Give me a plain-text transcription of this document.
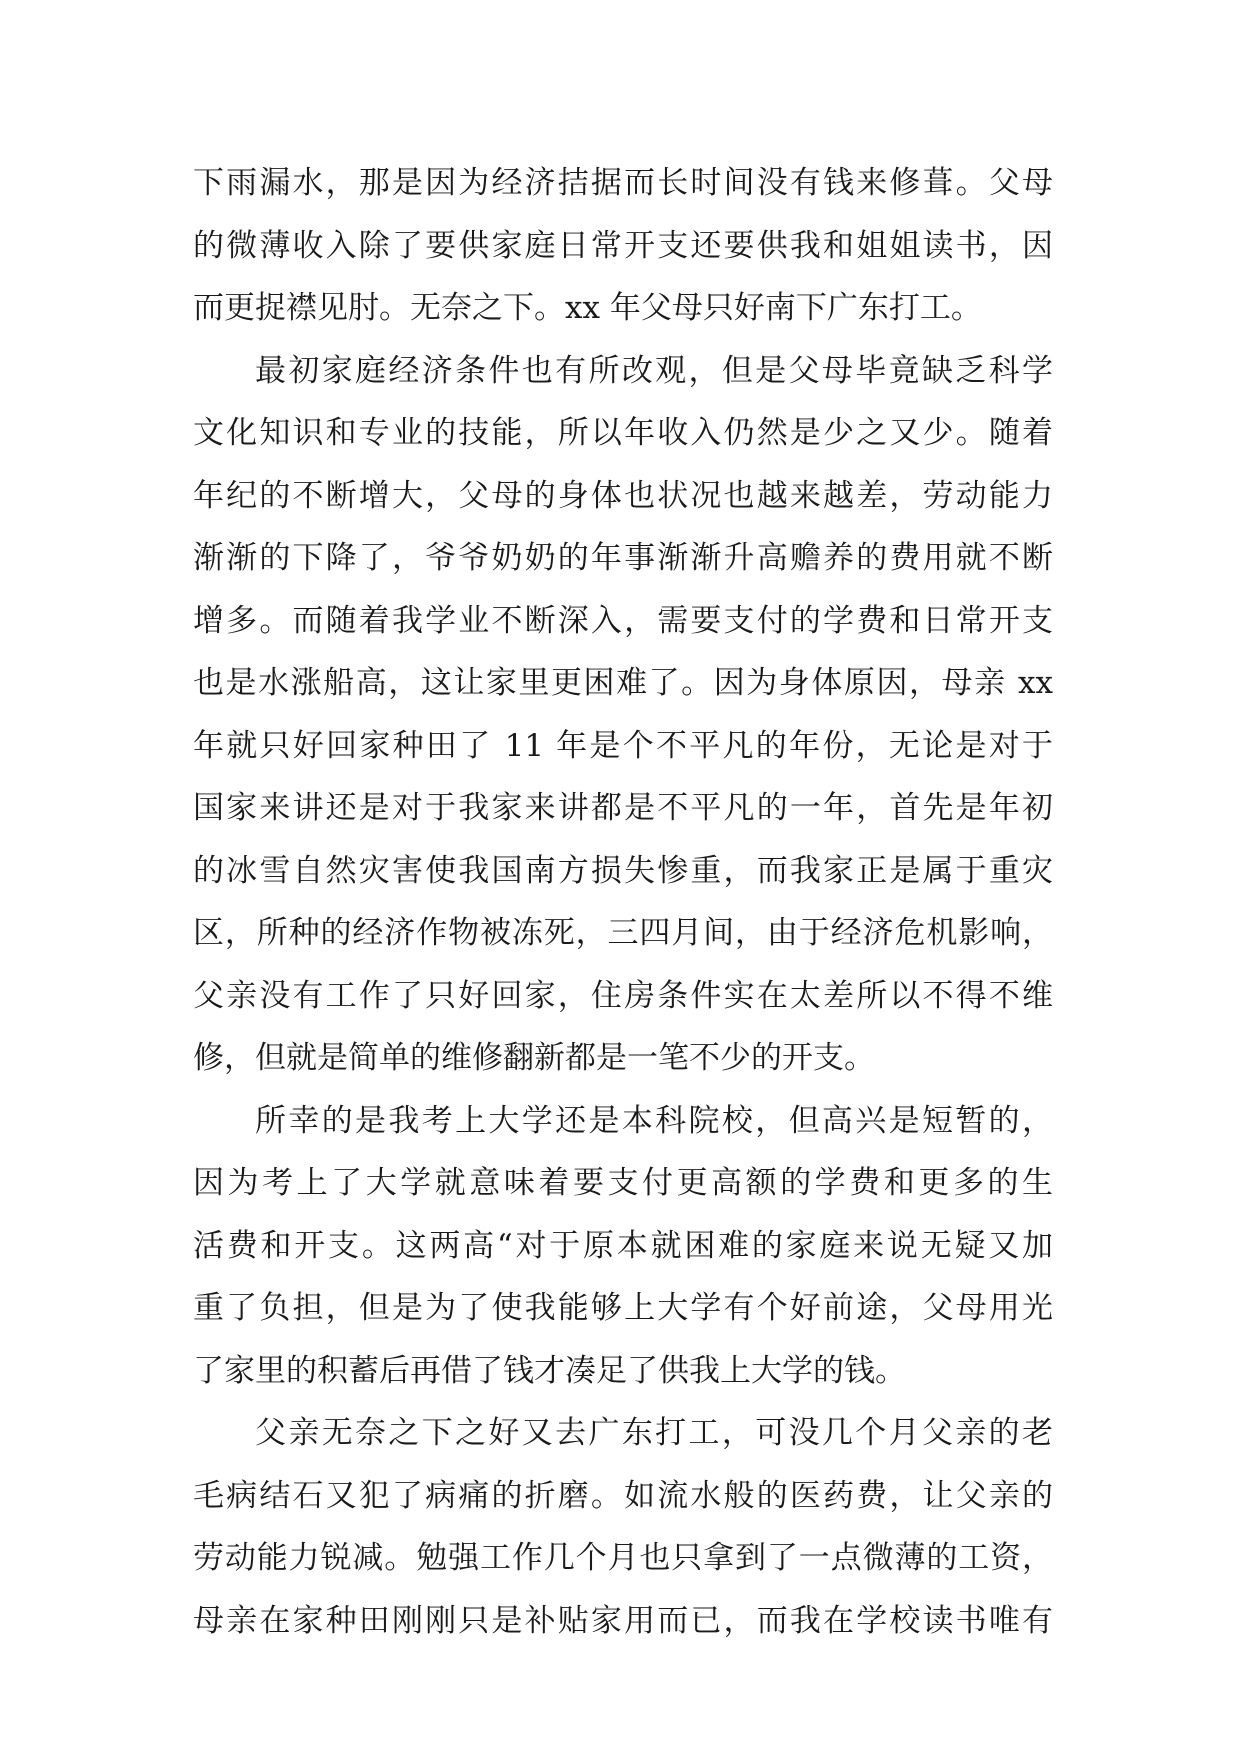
下雨漏水，那是因为经济拮据而长时间没有钱来修葺。父母
的微薄收入除了要供家庭日常开支还要供我和姐姐读书，因
而更捉襟见肘。无奈之下。xx 年父母只好南下广东打工。
最初家庭经济条件也有所改观，但是父母毕竟缺乏科学
文化知识和专业的技能，所以年收入仍然是少之又少。随着
年纪的不断增大，父母的身体也状况也越来越差，劳动能力
渐渐的下降了，爷爷奶奶的年事渐渐升高赡养的费用就不断
增多。而随着我学业不断深入，需要支付的学费和日常开支
也是水涨船高，这让家里更困难了。因为身体原因，母亲 xx
年就只好回家种田了 11 年是个不平凡的年份，无论是对于
国家来讲还是对于我家来讲都是不平凡的一年，首先是年初
的冰雪自然灾害使我国南方损失惨重，而我家正是属于重灾
区，所种的经济作物被冻死，三四月间，由于经济危机影响，
父亲没有工作了只好回家，住房条件实在太差所以不得不维
修，但就是简单的维修翻新都是一笔不少的开支。
所幸的是我考上大学还是本科院校，但高兴是短暂的，
因为考上了大学就意味着要支付更高额的学费和更多的生
活费和开支。这两高“对于原本就困难的家庭来说无疑又加
重了负担，但是为了使我能够上大学有个好前途，父母用光
了家里的积蓄后再借了钱才凑足了供我上大学的钱。
父亲无奈之下之好又去广东打工，可没几个月父亲的老
毛病结石又犯了病痛的折磨。如流水般的医药费，让父亲的
劳动能力锐减。勉强工作几个月也只拿到了一点微薄的工资，
母亲在家种田刚刚只是补贴家用而已，而我在学校读书唯有
